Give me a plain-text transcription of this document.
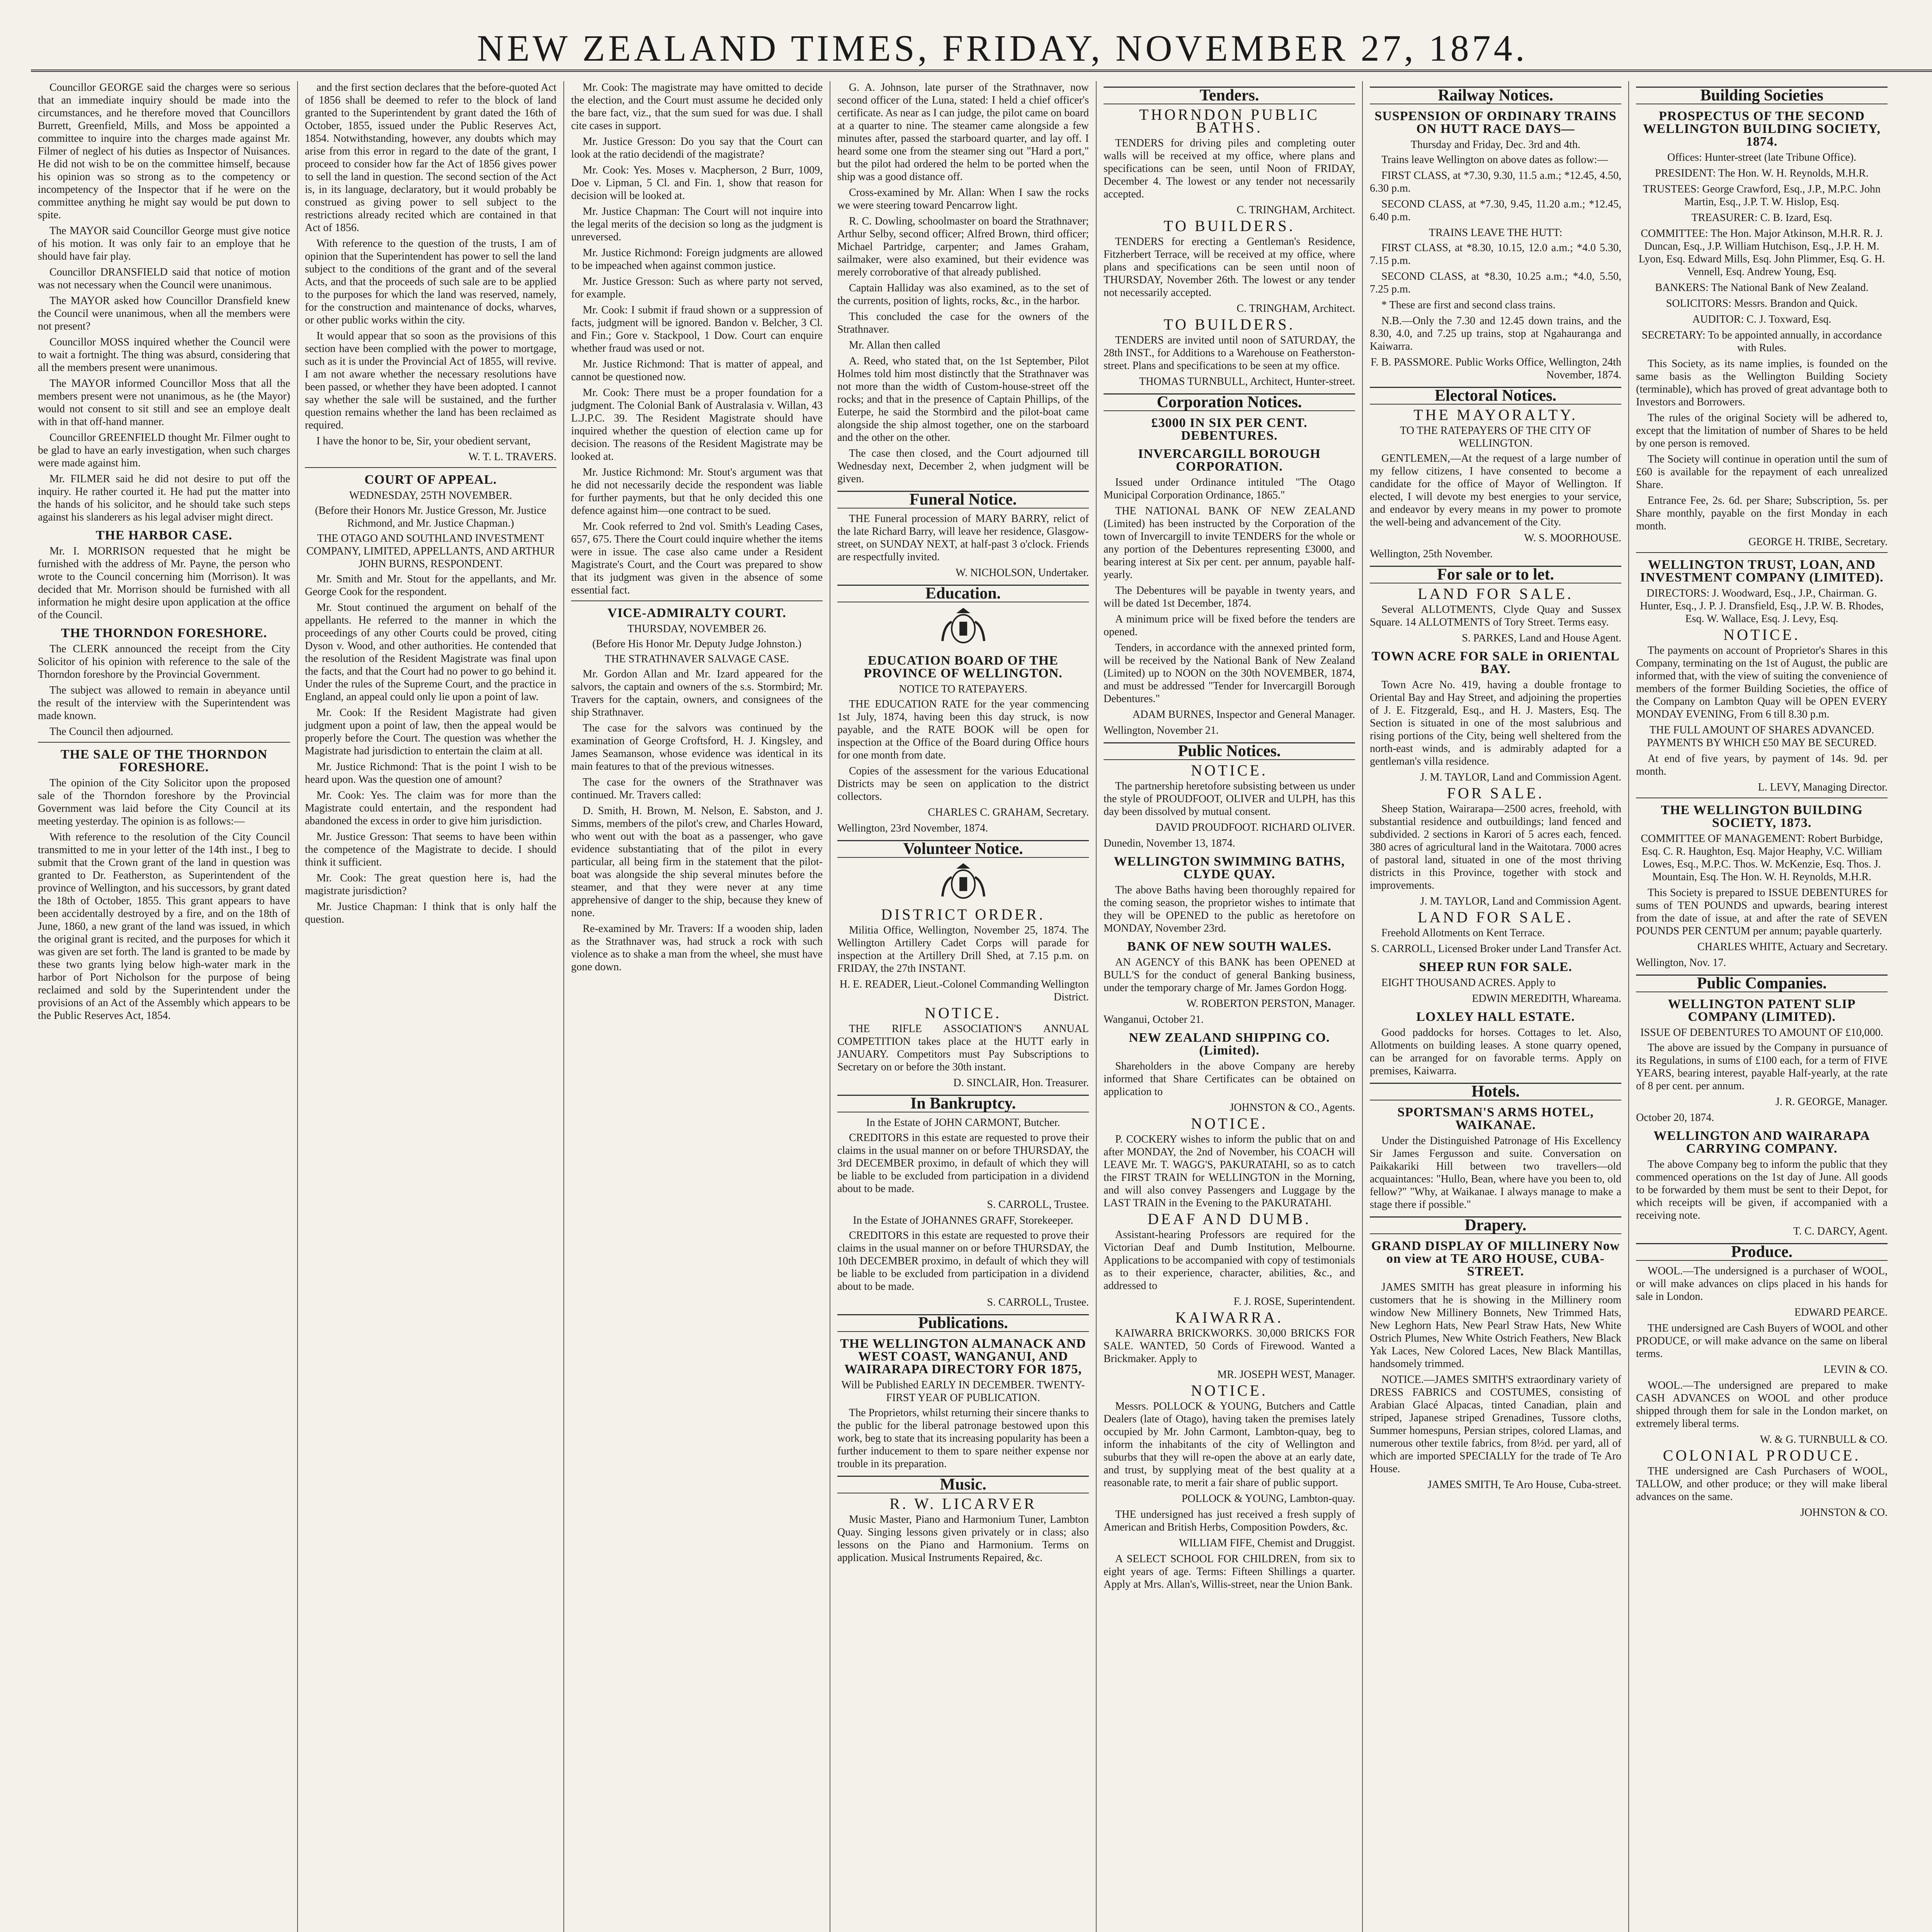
NEW ZEALAND TIMES, FRIDAY, NOVEMBER 27, 1874.

Councillor GEORGE said the charges were so serious that an immediate inquiry should be made into the circumstances, and he therefore moved that Councillors Burrett, Greenfield, Mills, and Moss be appointed a committee to inquire into the charges made against Mr. Filmer of neglect of his duties as Inspector of Nuisances. He did not wish to be on the committee himself, because his opinion was so strong as to the competency or incompetency of the Inspector that if he were on the committee anything he might say would be put down to spite.

The MAYOR said Councillor George must give notice of his motion. It was only fair to an employe that he should have fair play.

Councillor DRANSFIELD said that notice of motion was not necessary when the Council were unanimous.

The MAYOR asked how Councillor Dransfield knew the Council were unanimous, when all the members were not present?

Councillor MOSS inquired whether the Council were to wait a fortnight. The thing was absurd, considering that all the members present were unanimous.

The MAYOR informed Councillor Moss that all the members present were not unanimous, as he (the Mayor) would not consent to sit still and see an employe dealt with in that off-hand manner.

Councillor GREENFIELD thought Mr. Filmer ought to be glad to have an early investigation, when such charges were made against him.

Mr. FILMER said he did not desire to put off the inquiry. He rather courted it. He had put the matter into the hands of his solicitor, and he should take such steps against his slanderers as his legal adviser might direct.

THE HARBOR CASE.

Mr. I. MORRISON requested that he might be furnished with the address of Mr. Payne, the person who wrote to the Council concerning him (Morrison). It was decided that Mr. Morrison should be furnished with all information he might desire upon application at the office of the Council.

THE THORNDON FORESHORE.

The CLERK announced the receipt from the City Solicitor of his opinion with reference to the sale of the Thorndon foreshore by the Provincial Government.

The subject was allowed to remain in abeyance until the result of the interview with the Superintendent was made known.

The Council then adjourned.

THE SALE OF THE THORNDON FORESHORE.

The opinion of the City Solicitor upon the proposed sale of the Thorndon foreshore by the Provincial Government was laid before the City Council at its meeting yesterday. The opinion is as follows:—

With reference to the resolution of the City Council transmitted to me in your letter of the 14th inst., I beg to submit that the Crown grant of the land in question was granted to Dr. Featherston, as Superintendent of the province of Wellington, and his successors, by grant dated the 18th of October, 1855. This grant appears to have been accidentally destroyed by a fire, and on the 18th of June, 1860, a new grant of the land was issued, in which the original grant is recited, and the purposes for which it was given are set forth. The land is granted to be made by these two grants lying below high-water mark in the harbor of Port Nicholson for the purpose of being reclaimed and sold by the Superintendent under the provisions of an Act of the Assembly which appears to be the Public Reserves Act, 1854.

and the first section declares that the before-quoted Act of 1856 shall be deemed to refer to the block of land granted to the Superintendent by grant dated the 16th of October, 1855, issued under the Public Reserves Act, 1854. Notwithstanding, however, any doubts which may arise from this error in regard to the date of the grant, I proceed to consider how far the Act of 1856 gives power to sell the land in question. The second section of the Act is, in its language, declaratory, but it would probably be construed as giving power to sell subject to the restrictions already recited which are contained in that Act of 1856.

With reference to the question of the trusts, I am of opinion that the Superintendent has power to sell the land subject to the conditions of the grant and of the several Acts, and that the proceeds of such sale are to be applied to the purposes for which the land was reserved, namely, for the construction and maintenance of docks, wharves, or other public works within the city.

It would appear that so soon as the provisions of this section have been complied with the power to mortgage, such as it is under the Provincial Act of 1855, will revive. I am not aware whether the necessary resolutions have been passed, or whether they have been adopted. I cannot say whether the sale will be sustained, and the further question remains whether the land has been reclaimed as required.

I have the honor to be, Sir, your obedient servant,

W. T. L. TRAVERS.

COURT OF APPEAL.
WEDNESDAY, 25TH NOVEMBER.
(Before their Honors Mr. Justice Gresson, Mr. Justice Richmond, and Mr. Justice Chapman.)
THE OTAGO AND SOUTHLAND INVESTMENT COMPANY, LIMITED, APPELLANTS, AND ARTHUR JOHN BURNS, RESPONDENT.

Mr. Smith and Mr. Stout for the appellants, and Mr. George Cook for the respondent.

Mr. Stout continued the argument on behalf of the appellants. He referred to the manner in which the proceedings of any other Courts could be proved, citing Dyson v. Wood, and other authorities. He contended that the resolution of the Resident Magistrate was final upon the facts, and that the Court had no power to go behind it. Under the rules of the Supreme Court, and the practice in England, an appeal could only lie upon a point of law.

Mr. Cook: If the Resident Magistrate had given judgment upon a point of law, then the appeal would be properly before the Court. The question was whether the Magistrate had jurisdiction to entertain the claim at all.

Mr. Justice Richmond: That is the point I wish to be heard upon. Was the question one of amount?

Mr. Cook: Yes. The claim was for more than the Magistrate could entertain, and the respondent had abandoned the excess in order to give him jurisdiction.

Mr. Justice Gresson: That seems to have been within the competence of the Magistrate to decide. I should think it sufficient.

Mr. Cook: The great question here is, had the magistrate jurisdiction?

Mr. Justice Chapman: I think that is only half the question.

Mr. Cook: The magistrate may have omitted to decide the election, and the Court must assume he decided only the bare fact, viz., that the sum sued for was due. I shall cite cases in support.

Mr. Justice Gresson: Do you say that the Court can look at the ratio decidendi of the magistrate?

Mr. Cook: Yes. Moses v. Macpherson, 2 Burr, 1009, Doe v. Lipman, 5 Cl. and Fin. 1, show that reason for decision will be looked at.

Mr. Justice Chapman: The Court will not inquire into the legal merits of the decision so long as the judgment is unreversed.

Mr. Justice Richmond: Foreign judgments are allowed to be impeached when against common justice.

Mr. Justice Gresson: Such as where party not served, for example.

Mr. Cook: I submit if fraud shown or a suppression of facts, judgment will be ignored. Bandon v. Belcher, 3 Cl. and Fin.; Gore v. Stackpool, 1 Dow. Court can enquire whether fraud was used or not.

Mr. Justice Richmond: That is matter of appeal, and cannot be questioned now.

Mr. Cook: There must be a proper foundation for a judgment. The Colonial Bank of Australasia v. Willan, 43 L.J.P.C. 39. The Resident Magistrate should have inquired whether the question of election came up for decision. The reasons of the Resident Magistrate may be looked at.

Mr. Justice Richmond: Mr. Stout's argument was that he did not necessarily decide the respondent was liable for further payments, but that he only decided this one defence against him—one contract to be sued.

Mr. Cook referred to 2nd vol. Smith's Leading Cases, 657, 675. There the Court could inquire whether the items were in issue. The case also came under a Resident Magistrate's Court, and the Court was prepared to show that its judgment was given in the absence of some essential fact.

VICE-ADMIRALTY COURT.
THURSDAY, NOVEMBER 26.
(Before His Honor Mr. Deputy Judge Johnston.)
THE STRATHNAVER SALVAGE CASE.

Mr. Gordon Allan and Mr. Izard appeared for the salvors, the captain and owners of the s.s. Stormbird; Mr. Travers for the captain, owners, and consignees of the ship Strathnaver.

The case for the salvors was continued by the examination of George Croftsford, H. J. Kingsley, and James Seamanson, whose evidence was identical in its main features to that of the previous witnesses.

The case for the owners of the Strathnaver was continued. Mr. Travers called:

D. Smith, H. Brown, M. Nelson, E. Sabston, and J. Simms, members of the pilot's crew, and Charles Howard, who went out with the boat as a passenger, who gave evidence substantiating that of the pilot in every particular, all being firm in the statement that the pilot-boat was alongside the ship several minutes before the steamer, and that they were never at any time apprehensive of danger to the ship, because they knew of none.

Re-examined by Mr. Travers: If a wooden ship, laden as the Strathnaver was, had struck a rock with such violence as to shake a man from the wheel, she must have gone down.

G. A. Johnson, late purser of the Strathnaver, now second officer of the Luna, stated: I held a chief officer's certificate. As near as I can judge, the pilot came on board at a quarter to nine. The steamer came alongside a few minutes after, passed the starboard quarter, and lay off. I heard some one from the steamer sing out "Hard a port," but the pilot had ordered the helm to be ported when the ship was a good distance off.

Cross-examined by Mr. Allan: When I saw the rocks we were steering toward Pencarrow light.

R. C. Dowling, schoolmaster on board the Strathnaver; Arthur Selby, second officer; Alfred Brown, third officer; Michael Partridge, carpenter; and James Graham, sailmaker, were also examined, but their evidence was merely corroborative of that already published.

Captain Halliday was also examined, as to the set of the currents, position of lights, rocks, &c., in the harbor.

This concluded the case for the owners of the Strathnaver.

Mr. Allan then called

A. Reed, who stated that, on the 1st September, Pilot Holmes told him most distinctly that the Strathnaver was not more than the width of Custom-house-street off the rocks; and that in the presence of Captain Phillips, of the Euterpe, he said the Stormbird and the pilot-boat came alongside the ship almost together, one on the starboard and the other on the other.

The case then closed, and the Court adjourned till Wednesday next, December 2, when judgment will be given.

Funeral Notice.

THE Funeral procession of MARY BARRY, relict of the late Richard Barry, will leave her residence, Glasgow-street, on SUNDAY NEXT, at half-past 3 o'clock. Friends are respectfully invited.

W. NICHOLSON, Undertaker.

Education.
EDUCATION BOARD OF THE PROVINCE OF WELLINGTON.
NOTICE TO RATEPAYERS.

THE EDUCATION RATE for the year commencing 1st July, 1874, having been this day struck, is now payable, and the RATE BOOK will be open for inspection at the Office of the Board during Office hours for one month from date.

Copies of the assessment for the various Educational Districts may be seen on application to the district collectors.

CHARLES C. GRAHAM, Secretary.

Wellington, 23rd November, 1874.

Volunteer Notice.
DISTRICT ORDER.

Militia Office, Wellington, November 25, 1874. The Wellington Artillery Cadet Corps will parade for inspection at the Artillery Drill Shed, at 7.15 p.m. on FRIDAY, the 27th INSTANT.

H. E. READER, Lieut.-Colonel Commanding Wellington District.

NOTICE.

THE RIFLE ASSOCIATION'S ANNUAL COMPETITION takes place at the HUTT early in JANUARY. Competitors must Pay Subscriptions to Secretary on or before the 30th instant.

D. SINCLAIR, Hon. Treasurer.

In Bankruptcy.
In the Estate of JOHN CARMONT, Butcher.

CREDITORS in this estate are requested to prove their claims in the usual manner on or before THURSDAY, the 3rd DECEMBER proximo, in default of which they will be liable to be excluded from participation in a dividend about to be made.

S. CARROLL, Trustee.

In the Estate of JOHANNES GRAFF, Storekeeper.

CREDITORS in this estate are requested to prove their claims in the usual manner on or before THURSDAY, the 10th DECEMBER proximo, in default of which they will be liable to be excluded from participation in a dividend about to be made.

S. CARROLL, Trustee.

Publications.
THE WELLINGTON ALMANACK AND WEST COAST, WANGANUI, AND WAIRARAPA DIRECTORY FOR 1875,
Will be Published EARLY IN DECEMBER. TWENTY-FIRST YEAR OF PUBLICATION.

The Proprietors, whilst returning their sincere thanks to the public for the liberal patronage bestowed upon this work, beg to state that its increasing popularity has been a further inducement to them to spare neither expense nor trouble in its preparation.

Music.
R. W. LICARVER

Music Master, Piano and Harmonium Tuner, Lambton Quay. Singing lessons given privately or in class; also lessons on the Piano and Harmonium. Terms on application. Musical Instruments Repaired, &c.

Tenders.
THORNDON PUBLIC BATHS.

TENDERS for driving piles and completing outer walls will be received at my office, where plans and specifications can be seen, until Noon of FRIDAY, December 4. The lowest or any tender not necessarily accepted.

C. TRINGHAM, Architect.

TO BUILDERS.

TENDERS for erecting a Gentleman's Residence, Fitzherbert Terrace, will be received at my office, where plans and specifications can be seen until noon of THURSDAY, November 26th. The lowest or any tender not necessarily accepted.

C. TRINGHAM, Architect.

TO BUILDERS.

TENDERS are invited until noon of SATURDAY, the 28th INST., for Additions to a Warehouse on Featherston-street. Plans and specifications to be seen at my office.

THOMAS TURNBULL, Architect, Hunter-street.

Corporation Notices.
£3000 IN SIX PER CENT. DEBENTURES.
INVERCARGILL BOROUGH CORPORATION.

Issued under Ordinance intituled "The Otago Municipal Corporation Ordinance, 1865."

THE NATIONAL BANK OF NEW ZEALAND (Limited) has been instructed by the Corporation of the town of Invercargill to invite TENDERS for the whole or any portion of the Debentures representing £3000, and bearing interest at Six per cent. per annum, payable half-yearly.

The Debentures will be payable in twenty years, and will be dated 1st December, 1874.

A minimum price will be fixed before the tenders are opened.

Tenders, in accordance with the annexed printed form, will be received by the National Bank of New Zealand (Limited) up to NOON on the 30th NOVEMBER, 1874, and must be addressed "Tender for Invercargill Borough Debentures."

ADAM BURNES, Inspector and General Manager.

Wellington, November 21.

Public Notices.
NOTICE.

The partnership heretofore subsisting between us under the style of PROUDFOOT, OLIVER and ULPH, has this day been dissolved by mutual consent.

DAVID PROUDFOOT. RICHARD OLIVER.

Dunedin, November 13, 1874.

WELLINGTON SWIMMING BATHS, CLYDE QUAY.

The above Baths having been thoroughly repaired for the coming season, the proprietor wishes to intimate that they will be OPENED to the public as heretofore on MONDAY, November 23rd.

BANK OF NEW SOUTH WALES.

AN AGENCY of this BANK has been OPENED at BULL'S for the conduct of general Banking business, under the temporary charge of Mr. James Gordon Hogg.

W. ROBERTON PERSTON, Manager.

Wanganui, October 21.

NEW ZEALAND SHIPPING CO. (Limited).

Shareholders in the above Company are hereby informed that Share Certificates can be obtained on application to

JOHNSTON & CO., Agents.

NOTICE.

P. COCKERY wishes to inform the public that on and after MONDAY, the 2nd of November, his COACH will LEAVE Mr. T. WAGG'S, PAKURATAHI, so as to catch the FIRST TRAIN for WELLINGTON in the Morning, and will also convey Passengers and Luggage by the LAST TRAIN in the Evening to the PAKURATAHI.

DEAF AND DUMB.

Assistant-hearing Professors are required for the Victorian Deaf and Dumb Institution, Melbourne. Applications to be accompanied with copy of testimonials as to their experience, character, abilities, &c., and addressed to

F. J. ROSE, Superintendent.

KAIWARRA.

KAIWARRA BRICKWORKS. 30,000 BRICKS FOR SALE. WANTED, 50 Cords of Firewood. Wanted a Brickmaker. Apply to

MR. JOSEPH WEST, Manager.

NOTICE.

Messrs. POLLOCK & YOUNG, Butchers and Cattle Dealers (late of Otago), having taken the premises lately occupied by Mr. John Carmont, Lambton-quay, beg to inform the inhabitants of the city of Wellington and suburbs that they will re-open the above at an early date, and trust, by supplying meat of the best quality at a reasonable rate, to merit a fair share of public support.

POLLOCK & YOUNG, Lambton-quay.

THE undersigned has just received a fresh supply of American and British Herbs, Composition Powders, &c.

WILLIAM FIFE, Chemist and Druggist.

A SELECT SCHOOL FOR CHILDREN, from six to eight years of age. Terms: Fifteen Shillings a quarter. Apply at Mrs. Allan's, Willis-street, near the Union Bank.

Railway Notices.
SUSPENSION OF ORDINARY TRAINS ON HUTT RACE DAYS—
Thursday and Friday, Dec. 3rd and 4th.

Trains leave Wellington on above dates as follow:—

FIRST CLASS, at *7.30, 9.30, 11.5 a.m.; *12.45, 4.50, 6.30 p.m.

SECOND CLASS, at *7.30, 9.45, 11.20 a.m.; *12.45, 6.40 p.m.

TRAINS LEAVE THE HUTT:

FIRST CLASS, at *8.30, 10.15, 12.0 a.m.; *4.0 5.30, 7.15 p.m.

SECOND CLASS, at *8.30, 10.25 a.m.; *4.0, 5.50, 7.25 p.m.

* These are first and second class trains.

N.B.—Only the 7.30 and 12.45 down trains, and the 8.30, 4.0, and 7.25 up trains, stop at Ngahauranga and Kaiwarra.

F. B. PASSMORE. Public Works Office, Wellington, 24th November, 1874.

Electoral Notices.
THE MAYORALTY.
TO THE RATEPAYERS OF THE CITY OF WELLINGTON.

GENTLEMEN,—At the request of a large number of my fellow citizens, I have consented to become a candidate for the office of Mayor of Wellington. If elected, I will devote my best energies to your service, and endeavor by every means in my power to promote the well-being and advancement of the City.

W. S. MOORHOUSE.

Wellington, 25th November.

For sale or to let.
LAND FOR SALE.

Several ALLOTMENTS, Clyde Quay and Sussex Square. 14 ALLOTMENTS of Tory Street. Terms easy.

S. PARKES, Land and House Agent.

TOWN ACRE FOR SALE in ORIENTAL BAY.

Town Acre No. 419, having a double frontage to Oriental Bay and Hay Street, and adjoining the properties of J. E. Fitzgerald, Esq., and H. J. Masters, Esq. The Section is situated in one of the most salubrious and rising portions of the City, being well sheltered from the north-east winds, and is admirably adapted for a gentleman's villa residence.

J. M. TAYLOR, Land and Commission Agent.

FOR SALE.

Sheep Station, Wairarapa—2500 acres, freehold, with substantial residence and outbuildings; land fenced and subdivided. 2 sections in Karori of 5 acres each, fenced. 380 acres of agricultural land in the Waitotara. 7000 acres of pastoral land, situated in one of the most thriving districts in this Province, together with stock and improvements.

J. M. TAYLOR, Land and Commission Agent.

LAND FOR SALE.

Freehold Allotments on Kent Terrace.

S. CARROLL, Licensed Broker under Land Transfer Act.

SHEEP RUN FOR SALE.

EIGHT THOUSAND ACRES. Apply to

EDWIN MEREDITH, Whareama.

LOXLEY HALL ESTATE.

Good paddocks for horses. Cottages to let. Also, Allotments on building leases. A stone quarry opened, can be arranged for on favorable terms. Apply on premises, Kaiwarra.

Hotels.
SPORTSMAN'S ARMS HOTEL, WAIKANAE.

Under the Distinguished Patronage of His Excellency Sir James Fergusson and suite. Conversation on Paikakariki Hill between two travellers—old acquaintances: "Hullo, Bean, where have you been to, old fellow?" "Why, at Waikanae. I always manage to make a stage there if possible."

Drapery.
GRAND DISPLAY OF MILLINERY Now on view at TE ARO HOUSE, CUBA-STREET.

JAMES SMITH has great pleasure in informing his customers that he is showing in the Millinery room window New Millinery Bonnets, New Trimmed Hats, New Leghorn Hats, New Pearl Straw Hats, New White Ostrich Plumes, New White Ostrich Feathers, New Black Yak Laces, New Colored Laces, New Black Mantillas, handsomely trimmed.

NOTICE.—JAMES SMITH'S extraordinary variety of DRESS FABRICS and COSTUMES, consisting of Arabian Glacé Alpacas, tinted Canadian, plain and striped, Japanese striped Grenadines, Tussore cloths, Summer homespuns, Persian stripes, colored Llamas, and numerous other textile fabrics, from 8½d. per yard, all of which are imported SPECIALLY for the trade of Te Aro House.

JAMES SMITH, Te Aro House, Cuba-street.

Building Societies
PROSPECTUS OF THE SECOND WELLINGTON BUILDING SOCIETY, 1874.

Offices: Hunter-street (late Tribune Office).

PRESIDENT: The Hon. W. H. Reynolds, M.H.R.

TRUSTEES: George Crawford, Esq., J.P., M.P.C. John Martin, Esq., J.P. T. W. Hislop, Esq.

TREASURER: C. B. Izard, Esq.

COMMITTEE: The Hon. Major Atkinson, M.H.R. R. J. Duncan, Esq., J.P. William Hutchison, Esq., J.P. H. M. Lyon, Esq. Edward Mills, Esq. John Plimmer, Esq. G. H. Vennell, Esq. Andrew Young, Esq.

BANKERS: The National Bank of New Zealand.

SOLICITORS: Messrs. Brandon and Quick.

AUDITOR: C. J. Toxward, Esq.

SECRETARY: To be appointed annually, in accordance with Rules.

This Society, as its name implies, is founded on the same basis as the Wellington Building Society (terminable), which has proved of great advantage both to Investors and Borrowers.

The rules of the original Society will be adhered to, except that the limitation of number of Shares to be held by one person is removed.

The Society will continue in operation until the sum of £60 is available for the repayment of each unrealized Share.

Entrance Fee, 2s. 6d. per Share; Subscription, 5s. per Share monthly, payable on the first Monday in each month.

GEORGE H. TRIBE, Secretary.

WELLINGTON TRUST, LOAN, AND INVESTMENT COMPANY (LIMITED).

DIRECTORS: J. Woodward, Esq., J.P., Chairman. G. Hunter, Esq., J. P. J. Dransfield, Esq., J.P. W. B. Rhodes, Esq. W. Wallace, Esq. J. Levy, Esq.

NOTICE.

The payments on account of Proprietor's Shares in this Company, terminating on the 1st of August, the public are informed that, with the view of suiting the convenience of members of the former Building Societies, the office of the Company on Lambton Quay will be OPEN EVERY MONDAY EVENING, From 6 till 8.30 p.m.

THE FULL AMOUNT OF SHARES ADVANCED. PAYMENTS BY WHICH £50 MAY BE SECURED.

At end of five years, by payment of 14s. 9d. per month.

L. LEVY, Managing Director.

THE WELLINGTON BUILDING SOCIETY, 1873.

COMMITTEE OF MANAGEMENT: Robert Burbidge, Esq. C. R. Haughton, Esq. Major Heaphy, V.C. William Lowes, Esq., M.P.C. Thos. W. McKenzie, Esq. Thos. J. Mountain, Esq. The Hon. W. H. Reynolds, M.H.R.

This Society is prepared to ISSUE DEBENTURES for sums of TEN POUNDS and upwards, bearing interest from the date of issue, at and after the rate of SEVEN POUNDS PER CENTUM per annum; payable quarterly.

CHARLES WHITE, Actuary and Secretary.

Wellington, Nov. 17.

Public Companies.
WELLINGTON PATENT SLIP COMPANY (LIMITED).
ISSUE OF DEBENTURES TO AMOUNT OF £10,000.

The above are issued by the Company in pursuance of its Regulations, in sums of £100 each, for a term of FIVE YEARS, bearing interest, payable Half-yearly, at the rate of 8 per cent. per annum.

J. R. GEORGE, Manager.

October 20, 1874.

WELLINGTON AND WAIRARAPA CARRYING COMPANY.

The above Company beg to inform the public that they commenced operations on the 1st day of June. All goods to be forwarded by them must be sent to their Depot, for which receipts will be given, if accompanied with a receiving note.

T. C. DARCY, Agent.

Produce.

WOOL.—The undersigned is a purchaser of WOOL, or will make advances on clips placed in his hands for sale in London.

EDWARD PEARCE.

THE undersigned are Cash Buyers of WOOL and other PRODUCE, or will make advance on the same on liberal terms.

LEVIN & CO.

WOOL.—The undersigned are prepared to make CASH ADVANCES on WOOL and other produce shipped through them for sale in the London market, on extremely liberal terms.

W. & G. TURNBULL & CO.

COLONIAL PRODUCE.

THE undersigned are Cash Purchasers of WOOL, TALLOW, and other produce; or they will make liberal advances on the same.

JOHNSTON & CO.
